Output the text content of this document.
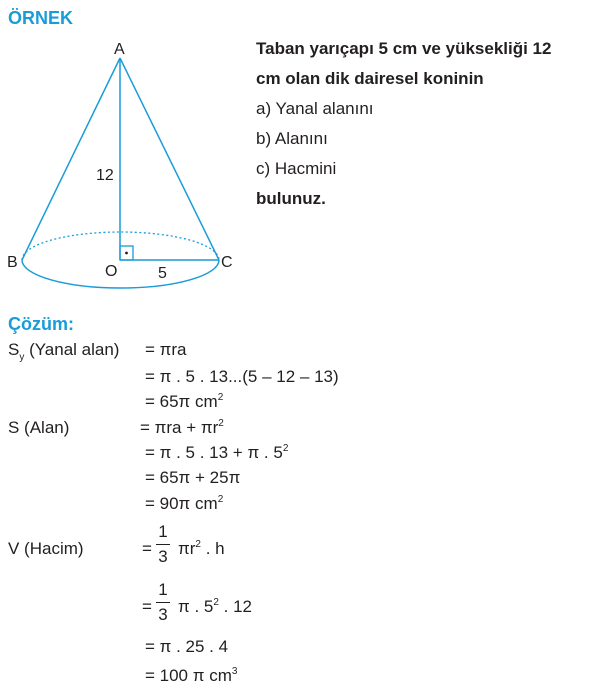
ÖRNEK
A
B
O
C
12
5
Taban yarıçapı 5 cm ve yüksekliği 12
cm olan dik dairesel koninin
a) Yanal alanını
b) Alanını
c) Hacmini
bulunuz.
Çözüm:
$S_y$ (Yanal alan) = πra
= π . 5 . 13...(5 – 12 – 13)
= 65π $cm^2$
S (Alan)	= $\pi ra + \pi r^2$
= π . 5 . 13 + π . $5^2$
= 65π + 25π
= 90π $cm^2$
V (Hacim)	=
1
3 $\pi r^2$ . h
=
1
3 π . $5^2$ . 12
= π . 25 . 4
= 100 π $cm^3$
